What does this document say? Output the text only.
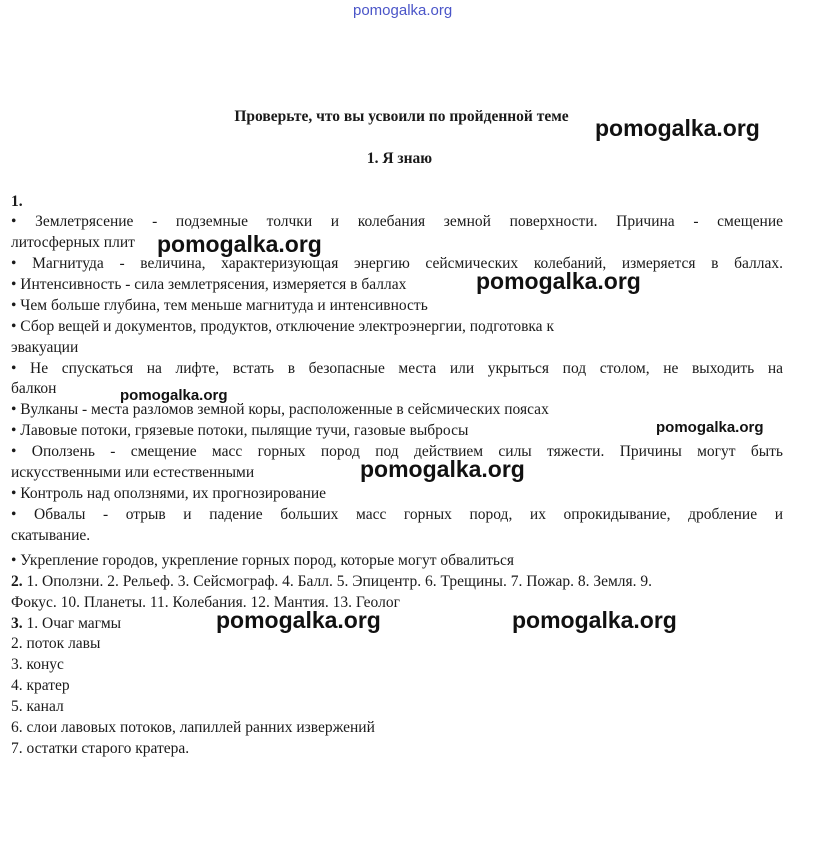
pomogalka.org
Проверьте, что вы усвоили по пройденной теме
1. Я знаю
1.
• Землетрясение - подземные толчки и колебания земной поверхности. Причина - смещение
литосферных плит
• Магнитуда - величина, характеризующая энергию сейсмических колебаний, измеряется в баллах.
• Интенсивность - сила землетрясения, измеряется в баллах
• Чем больше глубина, тем меньше магнитуда и интенсивность
• Сбор вещей и документов, продуктов, отключение электроэнергии, подготовка к
эвакуации
• Не спускаться на лифте, встать в безопасные места или укрыться под столом, не выходить на
балкон
• Вулканы - места разломов земной коры, расположенные в сейсмических поясах
• Лавовые потоки, грязевые потоки, пылящие тучи, газовые выбросы
• Оползень - смещение масс горных пород под действием силы тяжести. Причины могут быть
искусственными или естественными
• Контроль над оползнями, их прогнозирование
• Обвалы - отрыв и падение больших масс горных пород, их опрокидывание, дробление и
скатывание.
• Укрепление городов, укрепление горных пород, которые могут обвалиться
2. 1. Оползни. 2. Рельеф. 3. Сейсмограф. 4. Балл. 5. Эпицентр. 6. Трещины. 7. Пожар. 8. Земля. 9.
Фокус. 10. Планеты. 11. Колебания. 12. Мантия. 13. Геолог
3. 1. Очаг магмы
2. поток лавы
3. конус
4. кратер
5. канал
6. слои лавовых потоков, лапиллей ранних извержений
7. остатки старого кратера.
pomogalka.org
pomogalka.org
pomogalka.org
pomogalka.org
pomogalka.org
pomogalka.org
pomogalka.org	pomogalka.org
